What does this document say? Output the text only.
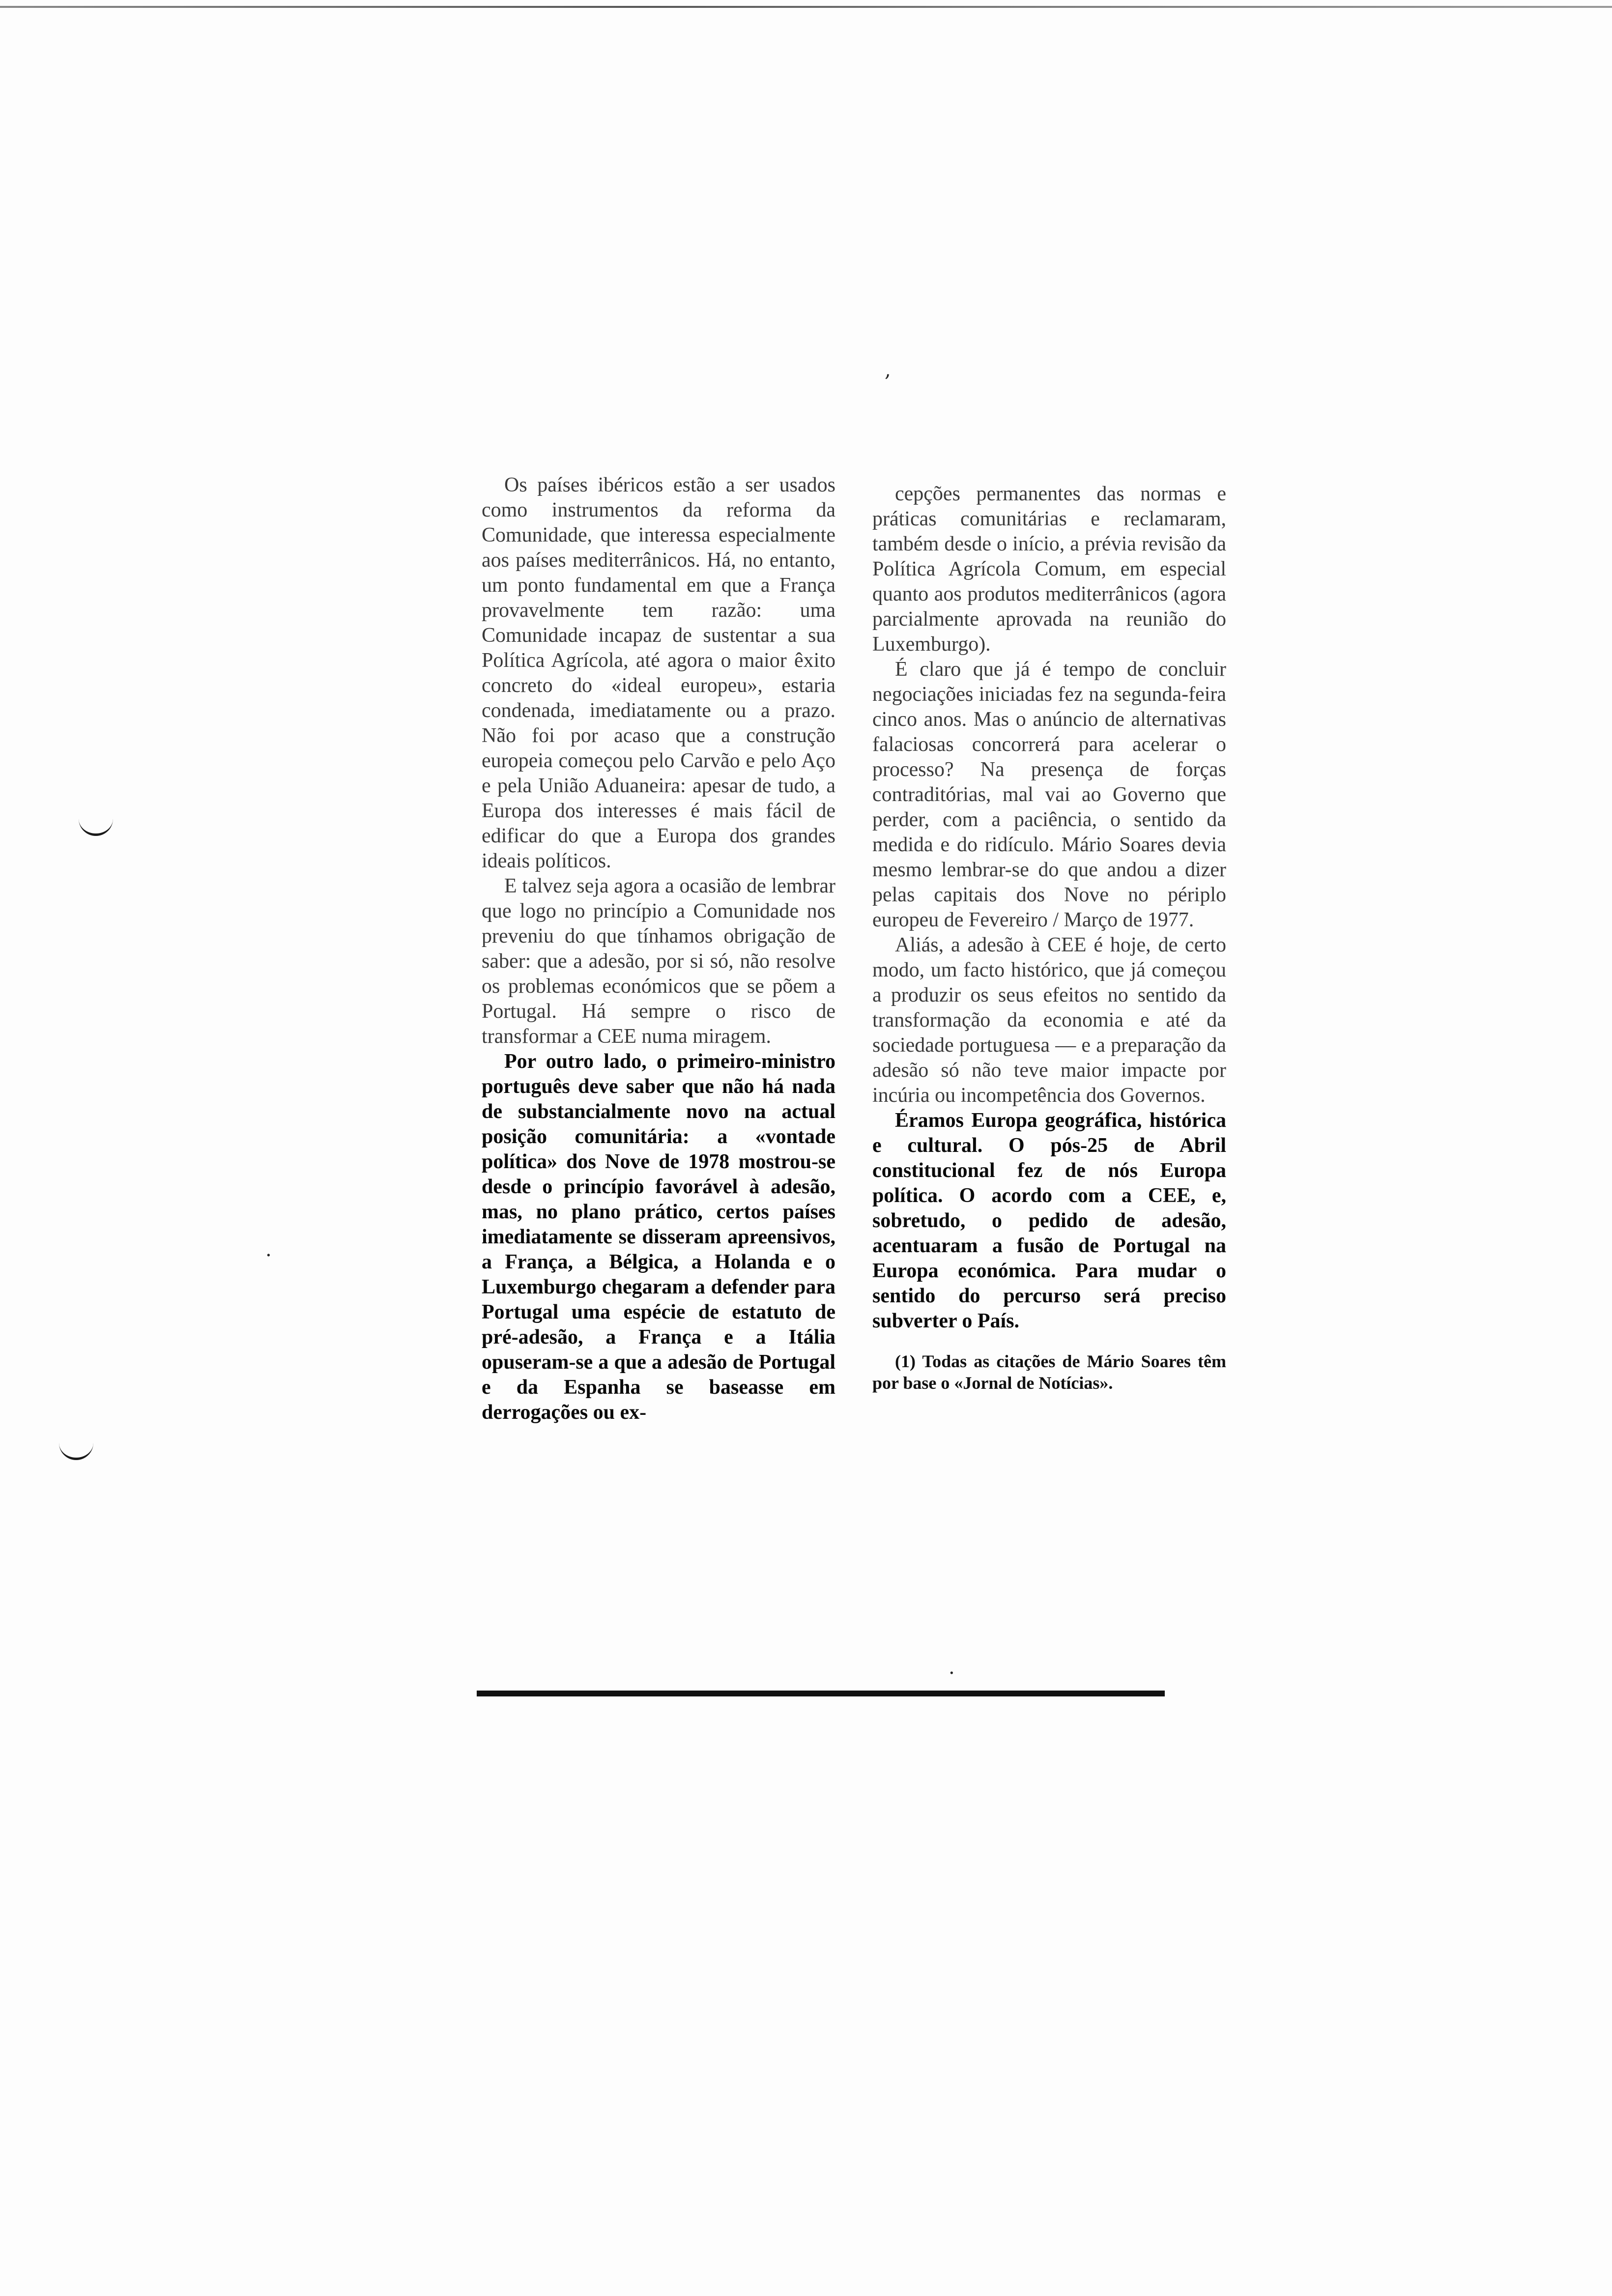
,
.
.

Os países ibéricos estão a ser usados como instrumentos da reforma da Comunidade, que interessa especialmente aos países mediterrânicos. Há, no entanto, um ponto fundamental em que a França provavelmente tem razão: uma Comunidade incapaz de sustentar a sua Política Agrícola, até agora o maior êxito concreto do «ideal europeu», estaria condenada, imediatamente ou a prazo. Não foi por acaso que a construção europeia começou pelo Carvão e pelo Aço e pela União Aduaneira: apesar de tudo, a Europa dos interesses é mais fácil de edificar do que a Europa dos grandes ideais políticos.

E talvez seja agora a ocasião de lembrar que logo no princípio a Comunidade nos preveniu do que tínhamos obrigação de saber: que a adesão, por si só, não resolve os problemas económicos que se põem a Portugal. Há sempre o risco de transformar a CEE numa miragem.

Por outro lado, o primeiro-ministro português deve saber que não há nada de substancialmente novo na actual posição comunitária: a «vontade política» dos Nove de 1978 mostrou-se desde o princípio favorável à adesão, mas, no plano prático, certos países imediatamente se disseram apreensivos, a França, a Bélgica, a Holanda e o Luxemburgo chegaram a defender para Portugal uma espécie de estatuto de pré-adesão, a França e a Itália opuseram-se a que a adesão de Portugal e da Espanha se baseasse em derrogações ou ex-

cepções permanentes das normas e práticas comunitárias e reclamaram, também desde o início, a prévia revisão da Política Agrícola Comum, em especial quanto aos produtos mediterrânicos (agora parcialmente aprovada na reunião do Luxemburgo).

É claro que já é tempo de concluir negociações iniciadas fez na segunda-feira cinco anos. Mas o anúncio de alternativas falaciosas concorrerá para acelerar o processo? Na presença de forças contraditórias, mal vai ao Governo que perder, com a paciência, o sentido da medida e do ridículo. Mário Soares devia mesmo lembrar-se do que andou a dizer pelas capitais dos Nove no périplo europeu de Fevereiro / Março de 1977.

Aliás, a adesão à CEE é hoje, de certo modo, um facto histórico, que já começou a produzir os seus efeitos no sentido da transformação da economia e até da sociedade portuguesa — e a preparação da adesão só não teve maior impacte por incúria ou incompetência dos Governos.

Éramos Europa geográfica, histórica e cultural. O pós-25 de Abril constitucional fez de nós Europa política. O acordo com a CEE, e, sobretudo, o pedido de adesão, acentuaram a fusão de Portugal na Europa económica. Para mudar o sentido do percurso será preciso subverter o País.

(1) Todas as citações de Mário Soares têm por base o «Jornal de Notícias».
